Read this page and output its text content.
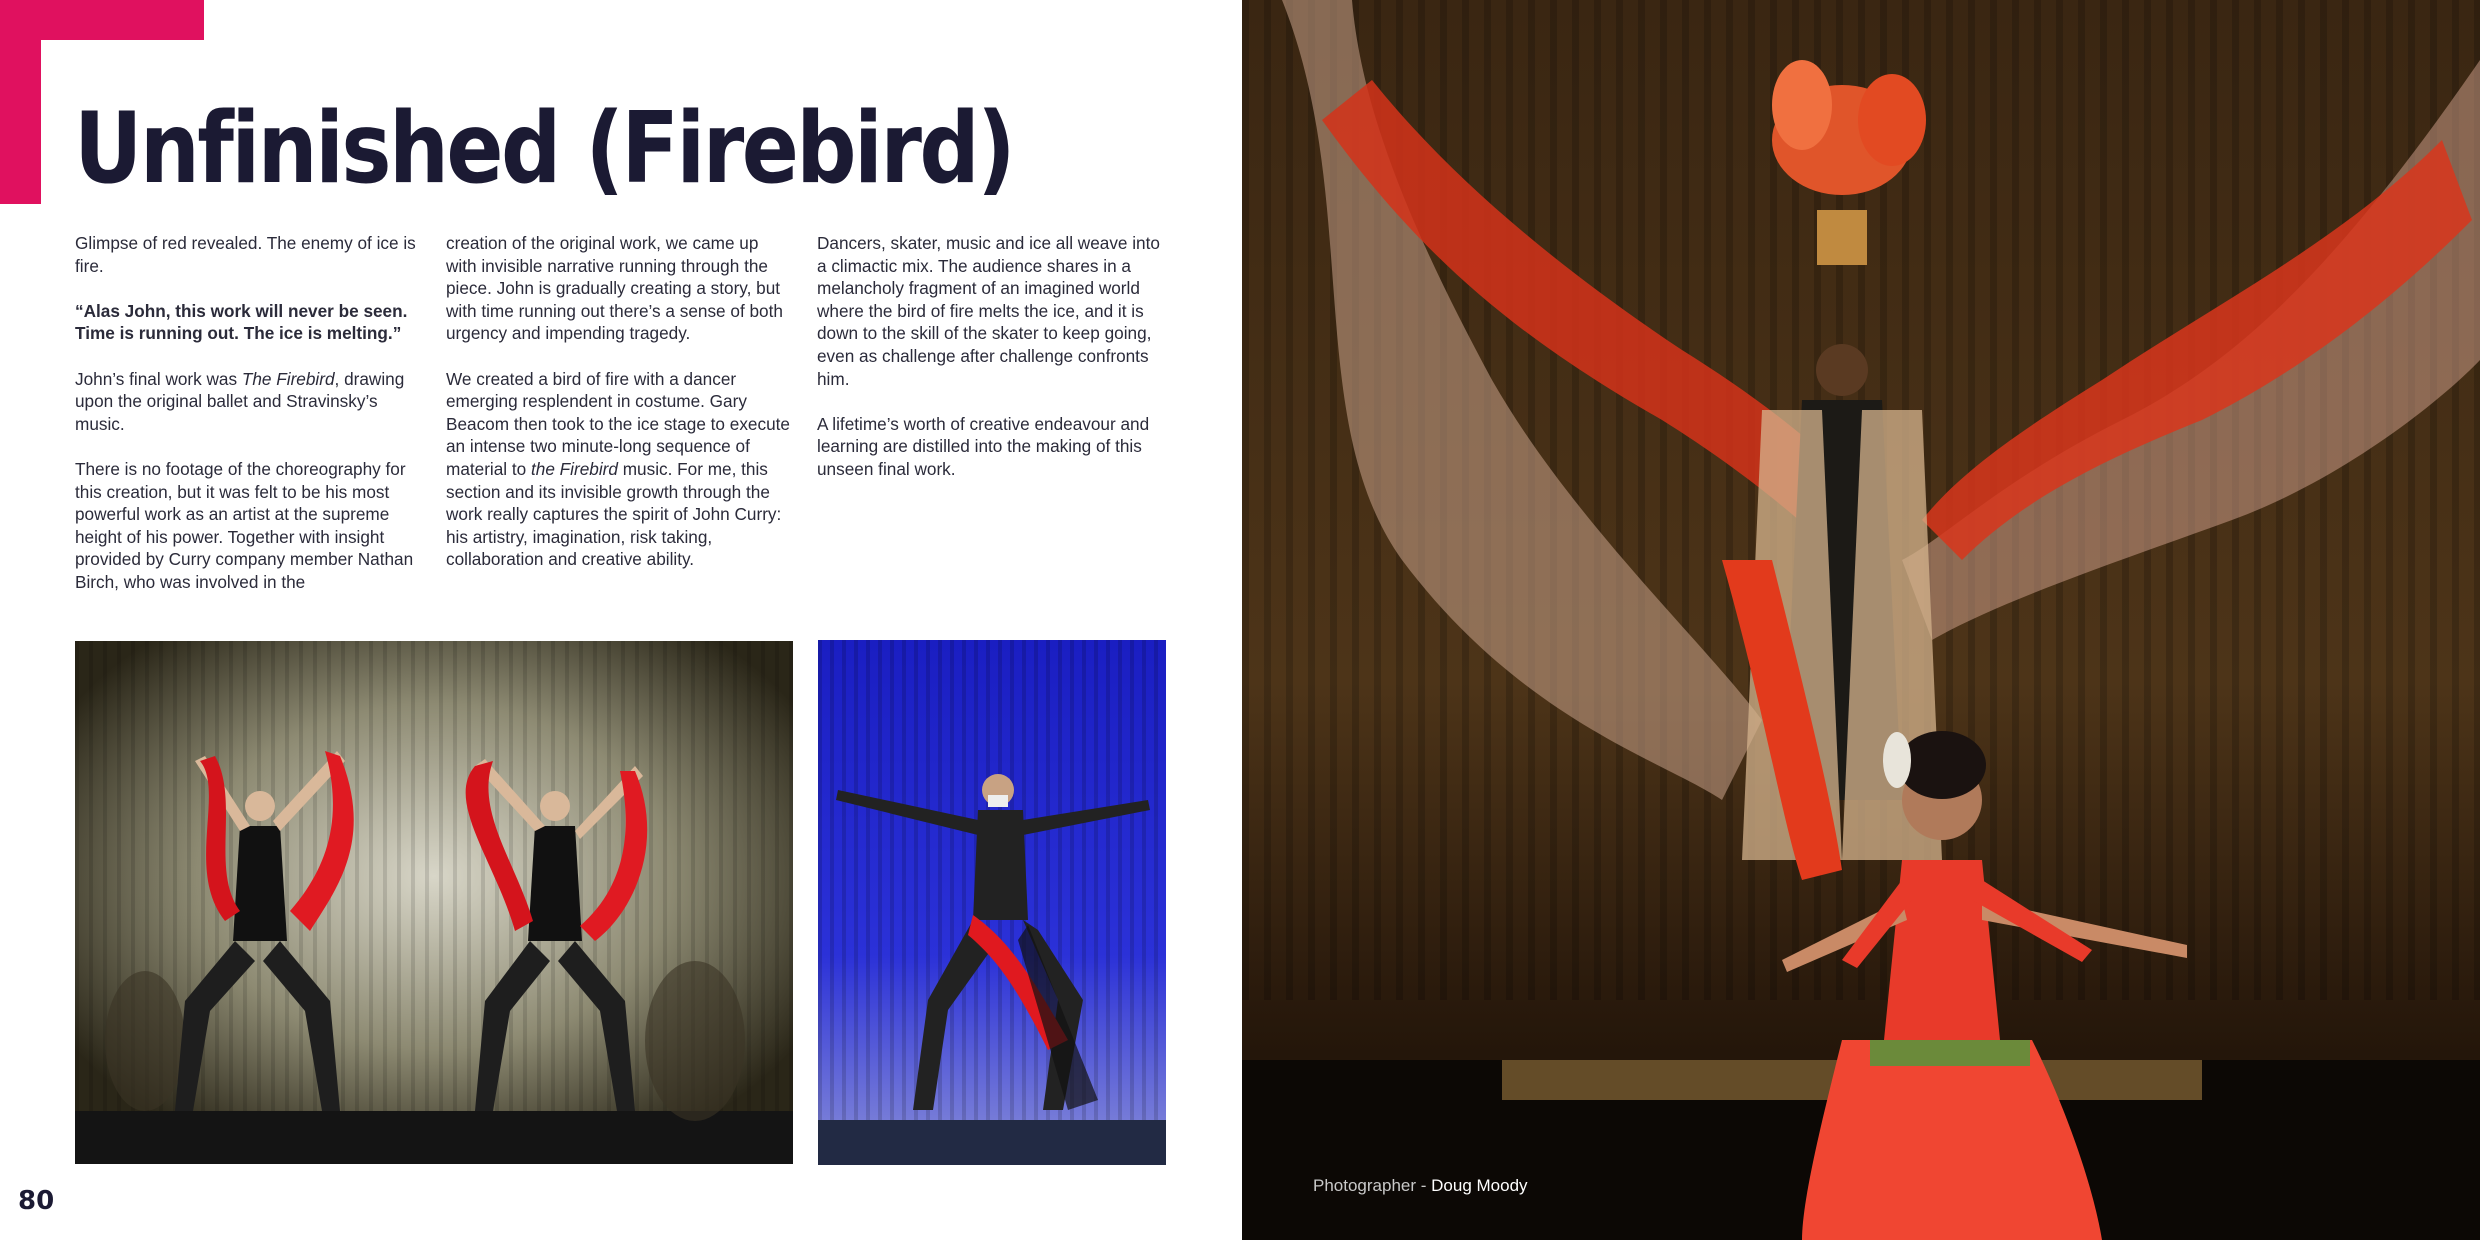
Unfinished (Firebird)

Glimpse of red revealed. The enemy of ice is fire.

“Alas John, this work will never be seen. Time is running out. The ice is melting.”

John’s final work was The Firebird, drawing upon the original ballet and Stravinsky’s music.

There is no footage of the choreography for this creation, but it was felt to be his most powerful work as an artist at the supreme height of his power. Together with insight provided by Curry company member Nathan Birch, who was involved in the

creation of the original work, we came up with invisible narrative running through the piece. John is gradually creating a story, but with time running out there’s a sense of both urgency and impending tragedy.

We created a bird of fire with a dancer emerging resplendent in costume. Gary Beacom then took to the ice stage to execute an intense two minute-long sequence of material to the Firebird music. For me, this section and its invisible growth through the work really captures the spirit of John Curry: his artistry, imagination, risk taking, collaboration and creative ability.

Dancers, skater, music and ice all weave into a climactic mix. The audience shares in a melancholy fragment of an imagined world where the bird of fire melts the ice, and it is down to the skill of the skater to keep going, even as challenge after challenge confronts him.

A lifetime’s worth of creative endeavour and learning are distilled into the making of this unseen final work.

80
Photographer - Doug Moody
